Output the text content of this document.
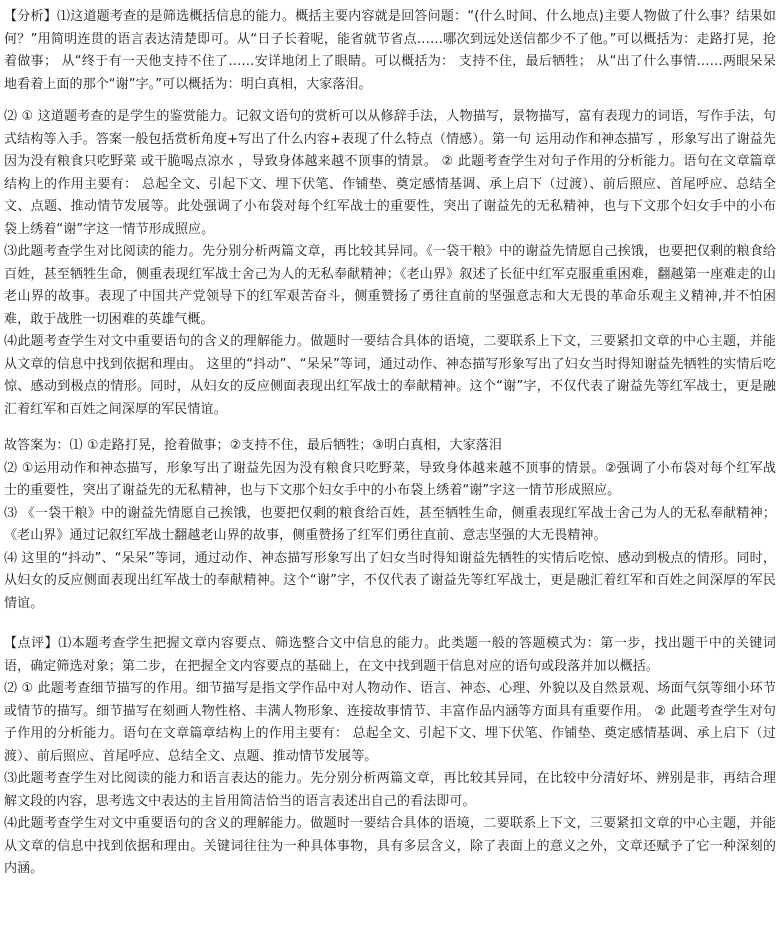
【分析】⑴这道题考查的是筛选概括信息的能力。概括主要内容就是回答问题：“(什么时间、什么地点)主要人物做了什么事？结果如何？”用简明连贯的语言表达清楚即可。从“日子长着呢，能省就节省点……哪次到远处送信都少不了他。”可以概括为：走路打晃，抢着做事； 从“终于有一天他支持不住了……安详地闭上了眼睛。可以概括为： 支持不住，最后牺牲； 从“出了什么事情……两眼呆呆地看着上面的那个“谢”字。”可以概括为：明白真相，大家落泪。

⑵ ① 这道题考查的是学生的鉴赏能力。记叙文语句的赏析可以从修辞手法，人物描写，景物描写，富有表现力的词语，写作手法，句式结构等入手。答案一般包括赏析角度+写出了什么内容+表现了什么特点（情感）。第一句 运用动作和神态描写 ，形象写出了谢益先因为没有粮食只吃野菜 或干脆喝点凉水 ，导致身体越来越不顶事的情景。 ② 此题考查学生对句子作用的分析能力。语句在文章篇章结构上的作用主要有： 总起全文、引起下文、埋下伏笔、作铺垫、奠定感情基调、承上启下（过渡）、前后照应、首尾呼应、总结全文、点题、推动情节发展等。此处强调了小布袋对每个红军战士的重要性，突出了谢益先的无私精神，也与下文那个妇女手中的小布袋上绣着“谢”字这一情节形成照应。

⑶此题考查学生对比阅读的能力。先分别分析两篇文章，再比较其异同。《一袋干粮》中的谢益先情愿自己挨饿，也要把仅剩的粮食给百姓，甚至牺牲生命，侧重表现红军战士舍己为人的无私奉献精神；《老山界》叙述了长征中红军克服重重困难，翻越第一座难走的山老山界的故事。表现了中国共产党领导下的红军艰苦奋斗，侧重赞扬了勇往直前的坚强意志和大无畏的革命乐观主义精神,并不怕困难，敢于战胜一切困难的英雄气概。

⑷此题考查学生对文中重要语句的含义的理解能力。做题时一要结合具体的语境，二要联系上下文，三要紧扣文章的中心主题，并能从文章的信息中找到依据和理由。 这里的“抖动”、“呆呆”等词，通过动作、神态描写形象写出了妇女当时得知谢益先牺牲的实情后吃惊、感动到极点的情形。同时，从妇女的反应侧面表现出红军战士的奉献精神。这个“谢”字，不仅代表了谢益先等红军战士，更是融汇着红军和百姓之间深厚的军民情谊。

故答案为：⑴ ①走路打晃，抢着做事；②支持不住，最后牺牲；③明白真相，大家落泪

⑵ ①运用动作和神态描写，形象写出了谢益先因为没有粮食只吃野菜，导致身体越来越不顶事的情景。②强调了小布袋对每个红军战士的重要性，突出了谢益先的无私精神，也与下文那个妇女手中的小布袋上绣着“谢”字这一情节形成照应。

⑶ 《一袋干粮》中的谢益先情愿自己挨饿，也要把仅剩的粮食给百姓，甚至牺牲生命，侧重表现红军战士舍己为人的无私奉献精神；《老山界》通过记叙红军战士翻越老山界的故事，侧重赞扬了红军们勇往直前、意志坚强的大无畏精神。

⑷ 这里的“抖动”、“呆呆”等词，通过动作、神态描写形象写出了妇女当时得知谢益先牺牲的实情后吃惊、感动到极点的情形。同时，从妇女的反应侧面表现出红军战士的奉献精神。这个“谢”字，不仅代表了谢益先等红军战士，更是融汇着红军和百姓之间深厚的军民情谊。

【点评】⑴本题考查学生把握文章内容要点、筛选整合文中信息的能力。此类题一般的答题模式为：第一步，找出题干中的关键词语，确定筛选对象；第二步，在把握全文内容要点的基础上，在文中找到题干信息对应的语句或段落并加以概括。

⑵ ① 此题考查细节描写的作用。细节描写是指文学作品中对人物动作、语言、神态、心理、外貌以及自然景观、场面气氛等细小环节或情节的描写。细节描写在刻画人物性格、丰满人物形象、连接故事情节、丰富作品内涵等方面具有重要作用。 ② 此题考查学生对句子作用的分析能力。语句在文章篇章结构上的作用主要有： 总起全文、引起下文、埋下伏笔、作铺垫、奠定感情基调、承上启下（过渡）、前后照应、首尾呼应、总结全文、点题、推动情节发展等。

⑶此题考查学生对比阅读的能力和语言表达的能力。先分别分析两篇文章，再比较其异同，在比较中分清好坏、辨别是非，再结合理解文段的内容，思考选文中表达的主旨用简洁恰当的语言表述出自己的看法即可。

⑷此题考查学生对文中重要语句的含义的理解能力。做题时一要结合具体的语境，二要联系上下文，三要紧扣文章的中心主题，并能从文章的信息中找到依据和理由。关键词往往为一种具体事物，具有多层含义，除了表面上的意义之外，文章还赋予了它一种深刻的内涵。
